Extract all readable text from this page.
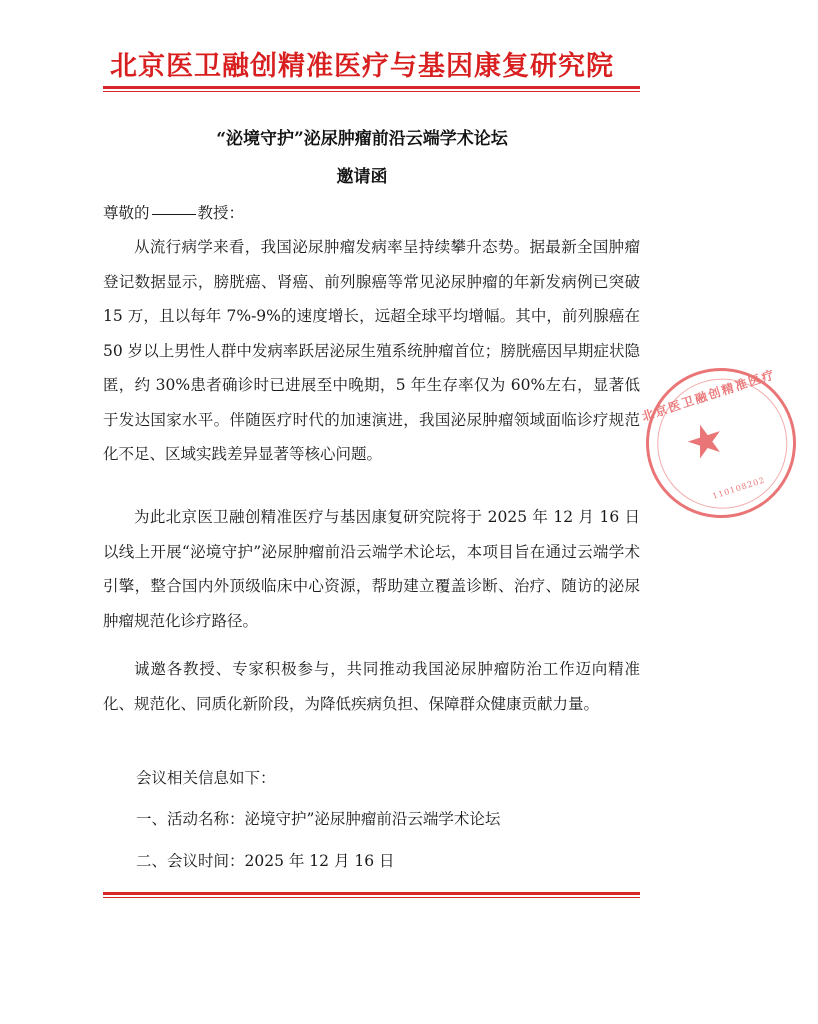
北京医卫融创精准医疗与基因康复研究院
“泌境守护”泌尿肿瘤前沿云端学术论坛
邀请函
尊敬的	教授：

从流行病学来看，我国泌尿肿瘤发病率呈持续攀升态势。据最新全国肿瘤登记数据显示，膀胱癌、肾癌、前列腺癌等常见泌尿肿瘤的年新发病例已突破 15 万，且以每年 7%-9%的速度增长，远超全球平均增幅。其中，前列腺癌在 50 岁以上男性人群中发病率跃居泌尿生殖系统肿瘤首位；膀胱癌因早期症状隐匿，约 30%患者确诊时已进展至中晚期，5 年生存率仅为 60%左右，显著低于发达国家水平。伴随医疗时代的加速演进，我国泌尿肿瘤领域面临诊疗规范化不足、区域实践差异显著等核心问题。

为此北京医卫融创精准医疗与基因康复研究院将于 2025 年 12 月 16 日以线上开展“泌境守护”泌尿肿瘤前沿云端学术论坛，本项目旨在通过云端学术引擎，整合国内外顶级临床中心资源，帮助建立覆盖诊断、治疗、随访的泌尿肿瘤规范化诊疗路径。

诚邀各教授、专家积极参与，共同推动我国泌尿肿瘤防治工作迈向精准化、规范化、同质化新阶段，为降低疾病负担、保障群众健康贡献力量。

会议相关信息如下：
一、活动名称：泌境守护”泌尿肿瘤前沿云端学术论坛
二、会议时间：2025 年 12 月 16 日
北京医卫融创精准医疗
★
110108202
